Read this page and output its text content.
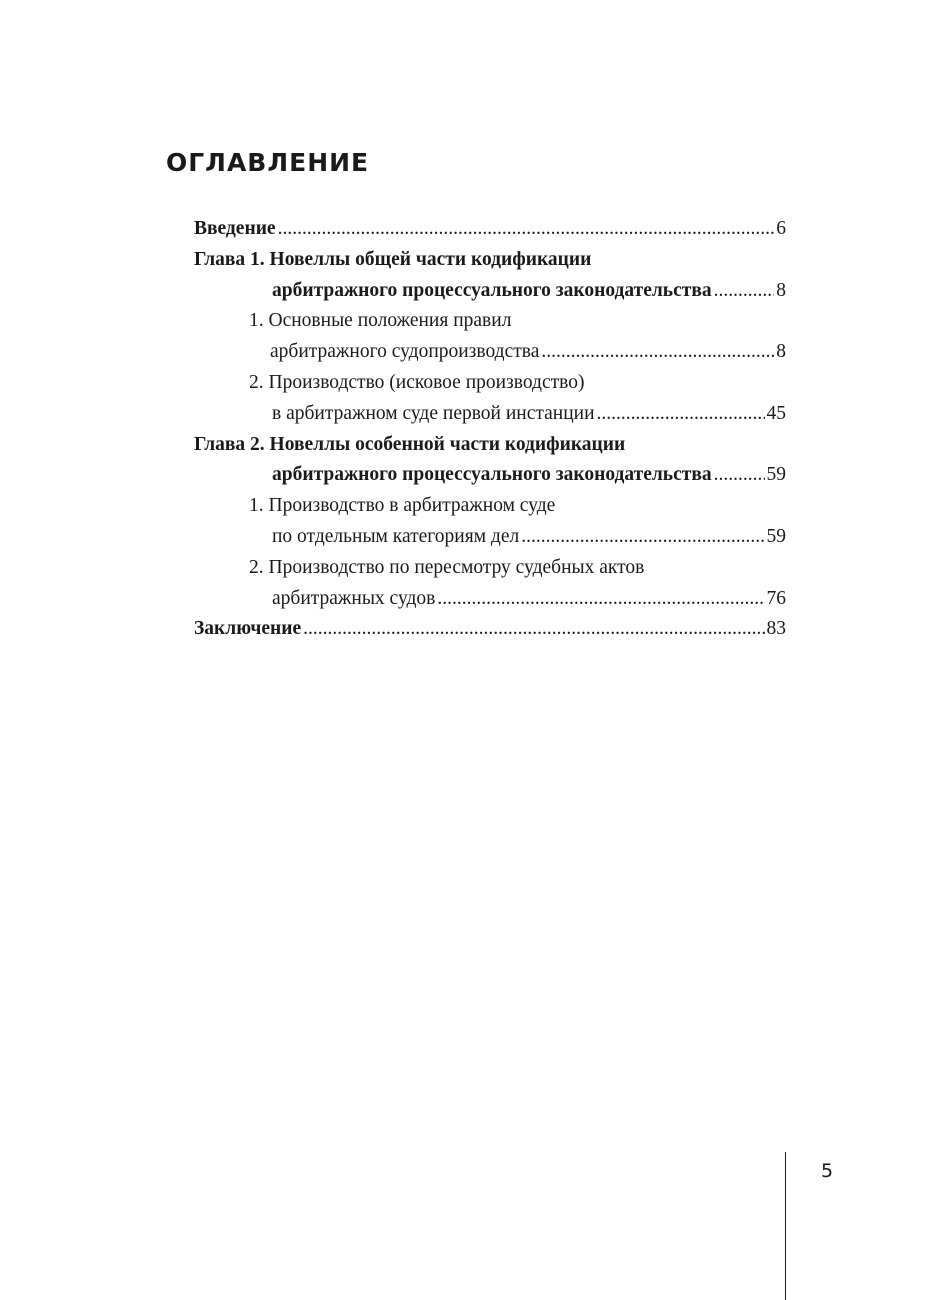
ОГЛАВЛЕНИЕ
Введение .....	6
Глава 1. Новеллы общей части кодификации
арбитражного процессуального законодательства .....	8
1. Основные положения правил
арбитражного судопроизводства .....	8
2. Производство (исковое производство)
в арбитражном суде первой инстанции .....	45
Глава 2. Новеллы особенной части кодификации
арбитражного процессуального законодательства .....	59
1. Производство в арбитражном суде
по отдельным категориям дел .....	59
2. Производство по пересмотру судебных актов
арбитражных судов .....	76
Заключение .....	83
5
